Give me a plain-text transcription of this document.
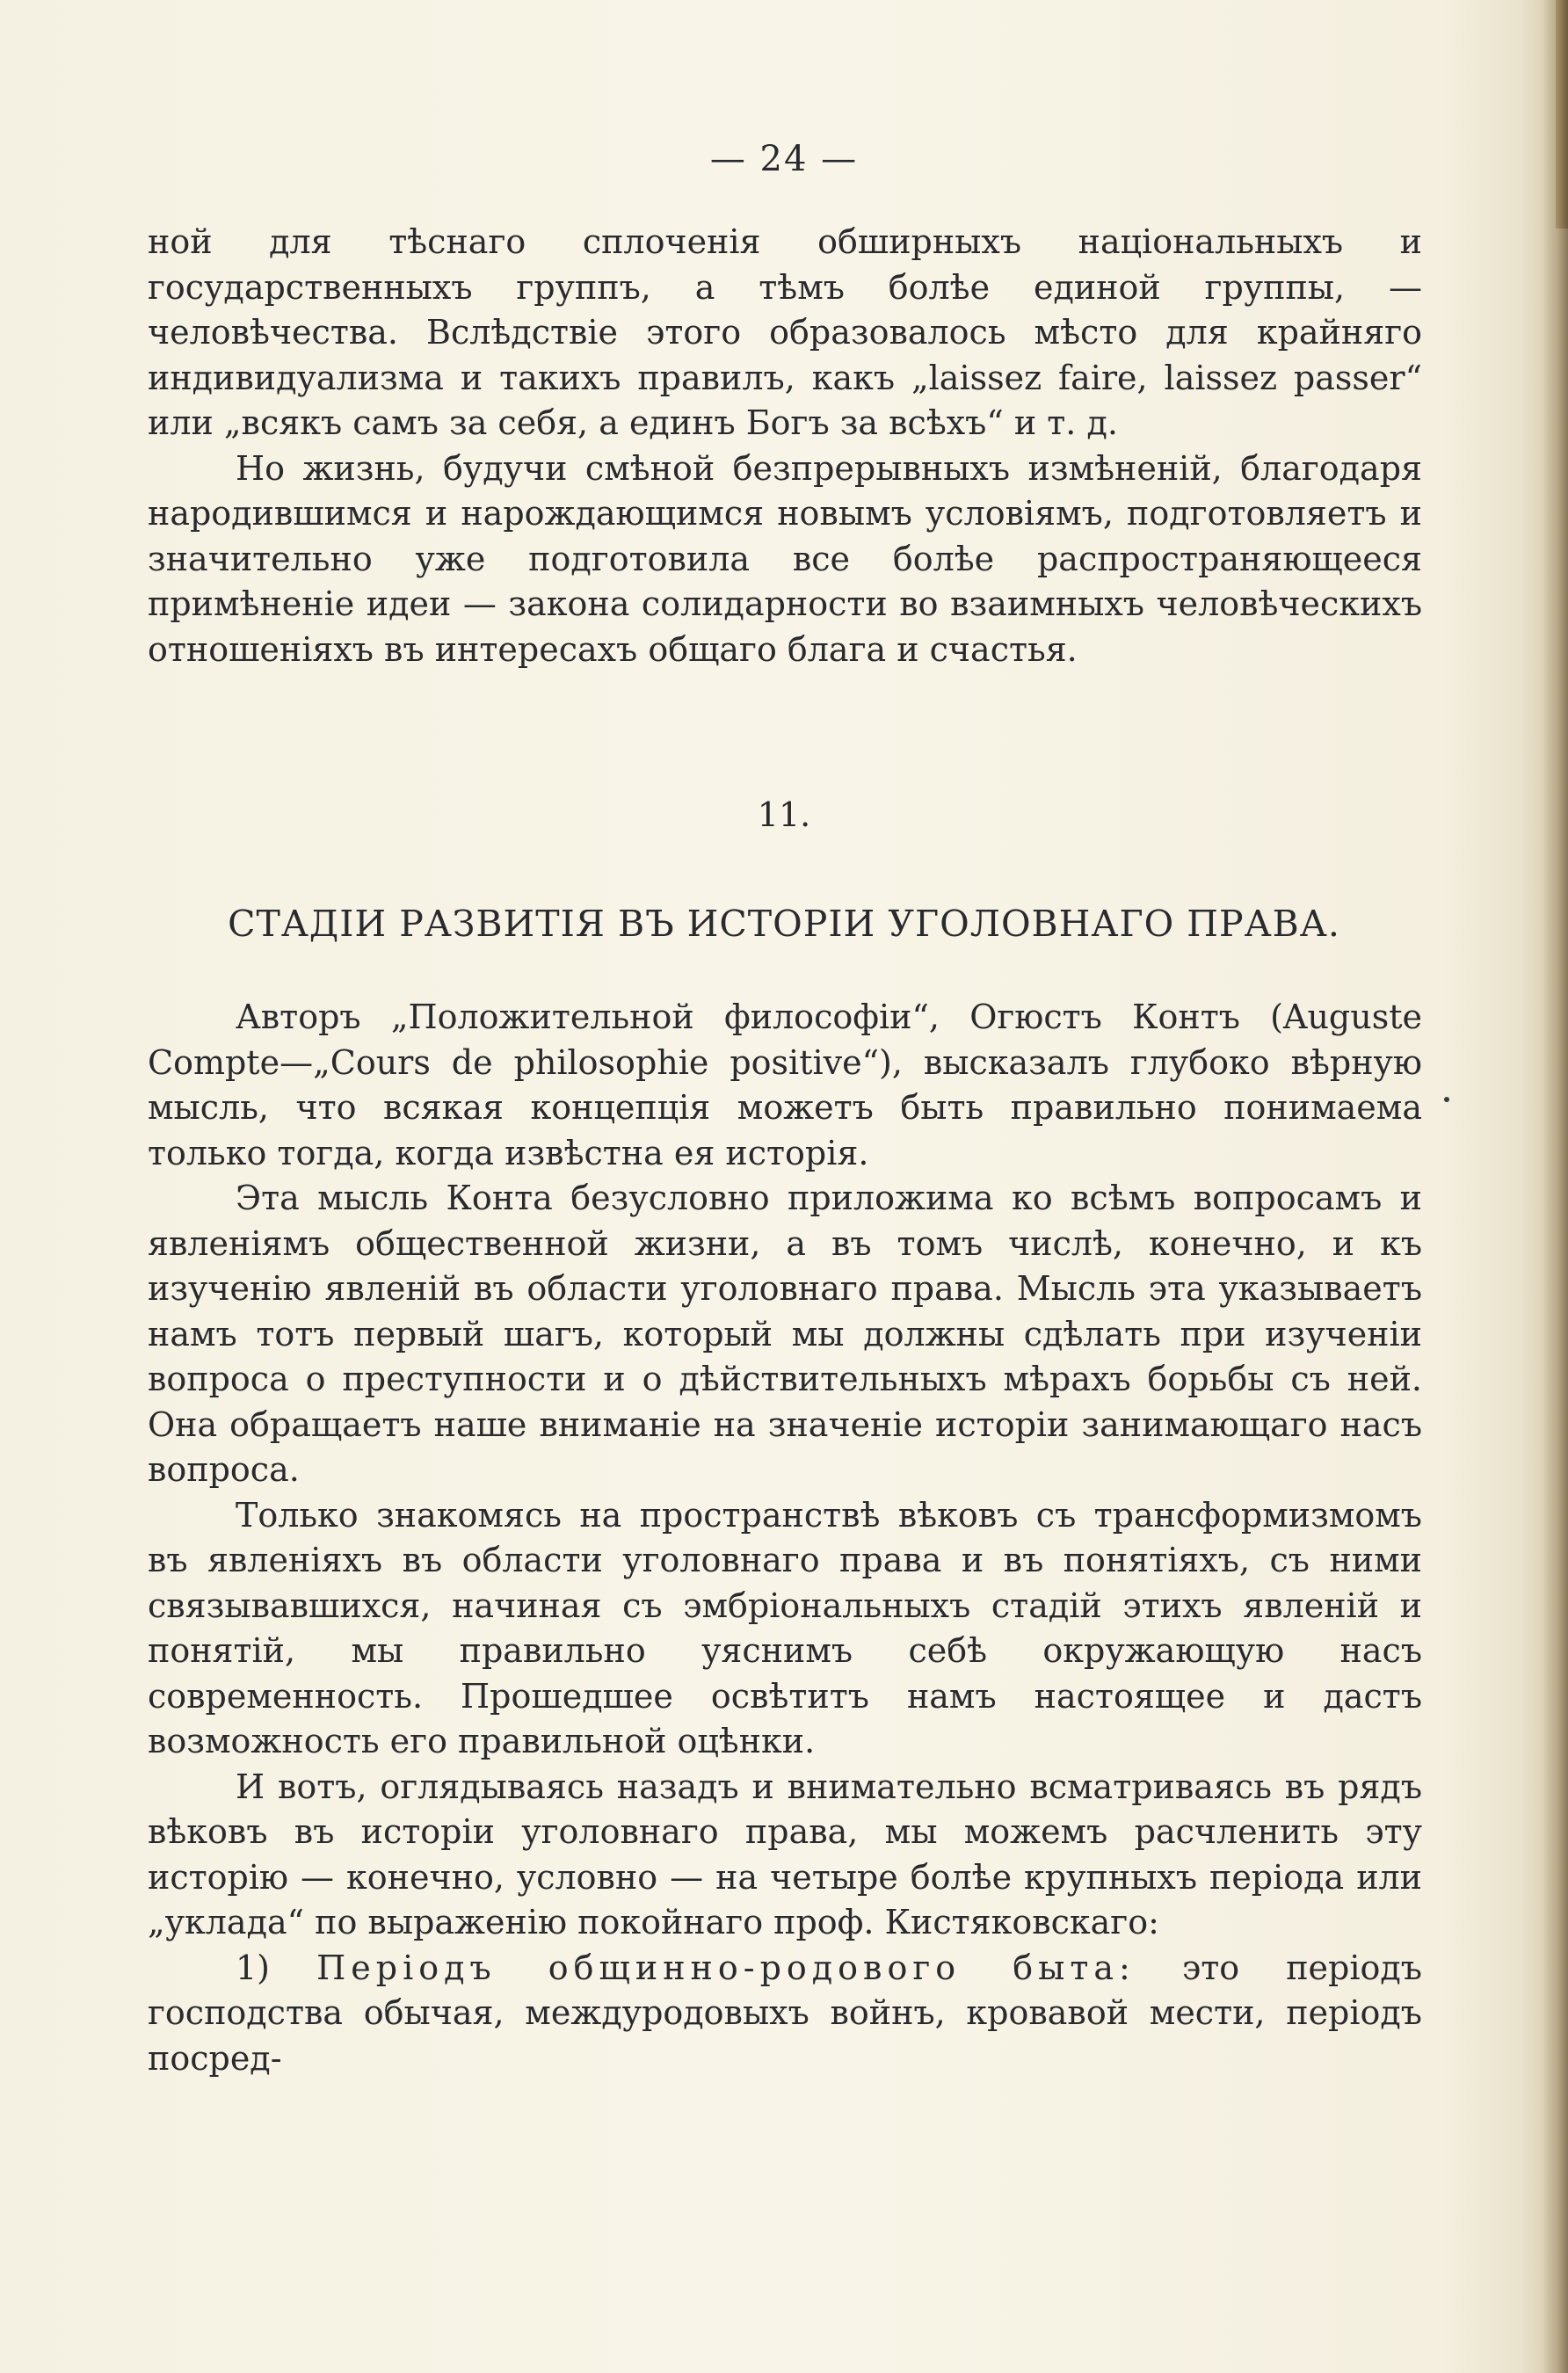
— 24 —

ной для тѣснаго сплоченія обширныхъ національныхъ и государственныхъ группъ, а тѣмъ болѣе единой группы, — человѣчества. Вслѣдствіе этого образовалось мѣсто для крайняго индивидуализма и такихъ правилъ, какъ „laissez faire, laissez passer“ или „всякъ самъ за себя, а единъ Богъ за всѣхъ“ и т. д.

Но жизнь, будучи смѣной безпрерывныхъ измѣненій, благодаря народившимся и нарождающимся новымъ условіямъ, подготовляетъ и значительно уже подготовила все болѣе распространяющееся примѣненіе идеи — закона солидарности во взаимныхъ человѣческихъ отношеніяхъ въ интересахъ общаго блага и счастья.

11.
СТАДІИ РАЗВИТІЯ ВЪ ИСТОРІИ УГОЛОВНАГО ПРАВА.

Авторъ „Положительной философіи“, Огюстъ Контъ (Auguste Compte—„Cours de philosophie positive“), высказалъ глубоко вѣрную мысль, что всякая концепція можетъ быть правильно понимаема только тогда, когда извѣстна ея исторія.

Эта мысль Конта безусловно приложима ко всѣмъ вопросамъ и явленіямъ общественной жизни, а въ томъ числѣ, конечно, и къ изученію явленій въ области уголовнаго права. Мысль эта указываетъ намъ тотъ первый шагъ, который мы должны сдѣлать при изученіи вопроса о преступности и о дѣйствительныхъ мѣрахъ борьбы съ ней. Она обращаетъ наше вниманіе на значеніе исторіи занимающаго насъ вопроса.

Только знакомясь на пространствѣ вѣковъ съ трансформизмомъ въ явленіяхъ въ области уголовнаго права и въ понятіяхъ, съ ними связывавшихся, начиная съ эмбріональныхъ стадій этихъ явленій и понятій, мы правильно уяснимъ себѣ окружающую насъ современность. Прошедшее освѣтитъ намъ настоящее и дастъ возможность его правильной оцѣнки.

И вотъ, оглядываясь назадъ и внимательно всматриваясь въ рядъ вѣковъ въ исторіи уголовнаго права, мы можемъ расчленить эту исторію — конечно, условно — на четыре болѣе крупныхъ періода или „уклада“ по выраженію покойнаго проф. Кистяковскаго:

1) Періодъ общинно-родового быта: это періодъ господства обычая, междуродовыхъ войнъ, кровавой мести, періодъ посред-
